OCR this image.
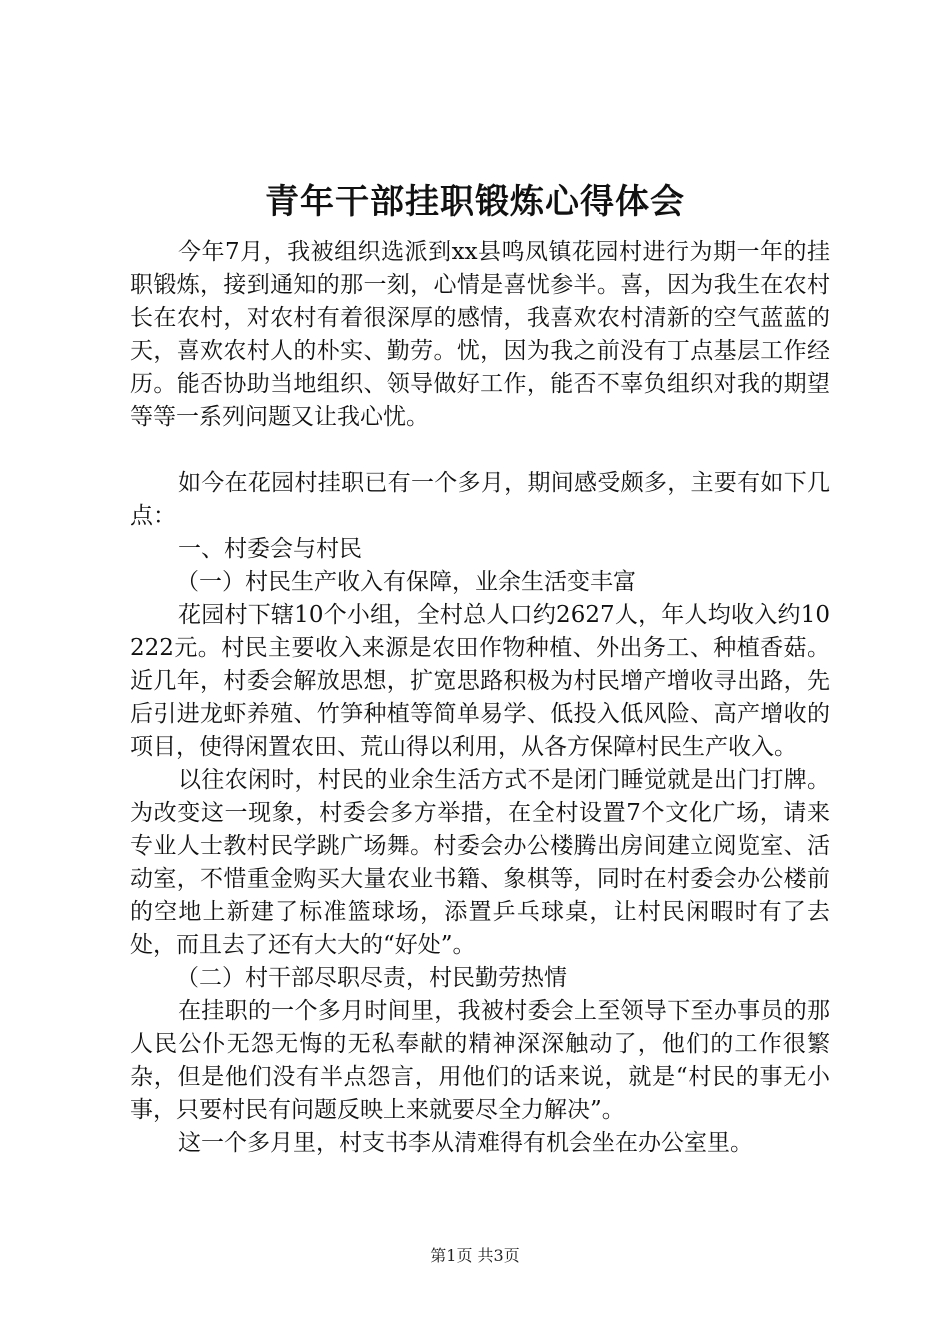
青年干部挂职锻炼心得体会

今年7月，我被组织选派到xx县鸣凤镇花园村进行为期一年的挂职锻炼，接到通知的那一刻，心情是喜忧参半。喜，因为我生在农村长在农村，对农村有着很深厚的感情，我喜欢农村清新的空气蓝蓝的天，喜欢农村人的朴实、勤劳。忧，因为我之前没有丁点基层工作经历。能否协助当地组织、领导做好工作，能否不辜负组织对我的期望等等一系列问题又让我心忧。

如今在花园村挂职已有一个多月，期间感受颇多，主要有如下几点：

一、村委会与村民

（一）村民生产收入有保障，业余生活变丰富

花园村下辖10个小组，全村总人口约2627人，年人均收入约10222元。村民主要收入来源是农田作物种植、外出务工、种植香菇。近几年，村委会解放思想，扩宽思路积极为村民增产增收寻出路，先后引进龙虾养殖、竹笋种植等简单易学、低投入低风险、高产增收的项目，使得闲置农田、荒山得以利用，从各方保障村民生产收入。

以往农闲时，村民的业余生活方式不是闭门睡觉就是出门打牌。为改变这一现象，村委会多方举措，在全村设置7个文化广场，请来专业人士教村民学跳广场舞。村委会办公楼腾出房间建立阅览室、活动室，不惜重金购买大量农业书籍、象棋等，同时在村委会办公楼前的空地上新建了标准篮球场，添置乒乓球桌，让村民闲暇时有了去处，而且去了还有大大的“好处”。

（二）村干部尽职尽责，村民勤劳热情

在挂职的一个多月时间里，我被村委会上至领导下至办事员的那人民公仆无怨无悔的无私奉献的精神深深触动了，他们的工作很繁杂，但是他们没有半点怨言，用他们的话来说，就是“村民的事无小事，只要村民有问题反映上来就要尽全力解决”。

这一个多月里，村支书李从清难得有机会坐在办公室里。

第1页 共3页
